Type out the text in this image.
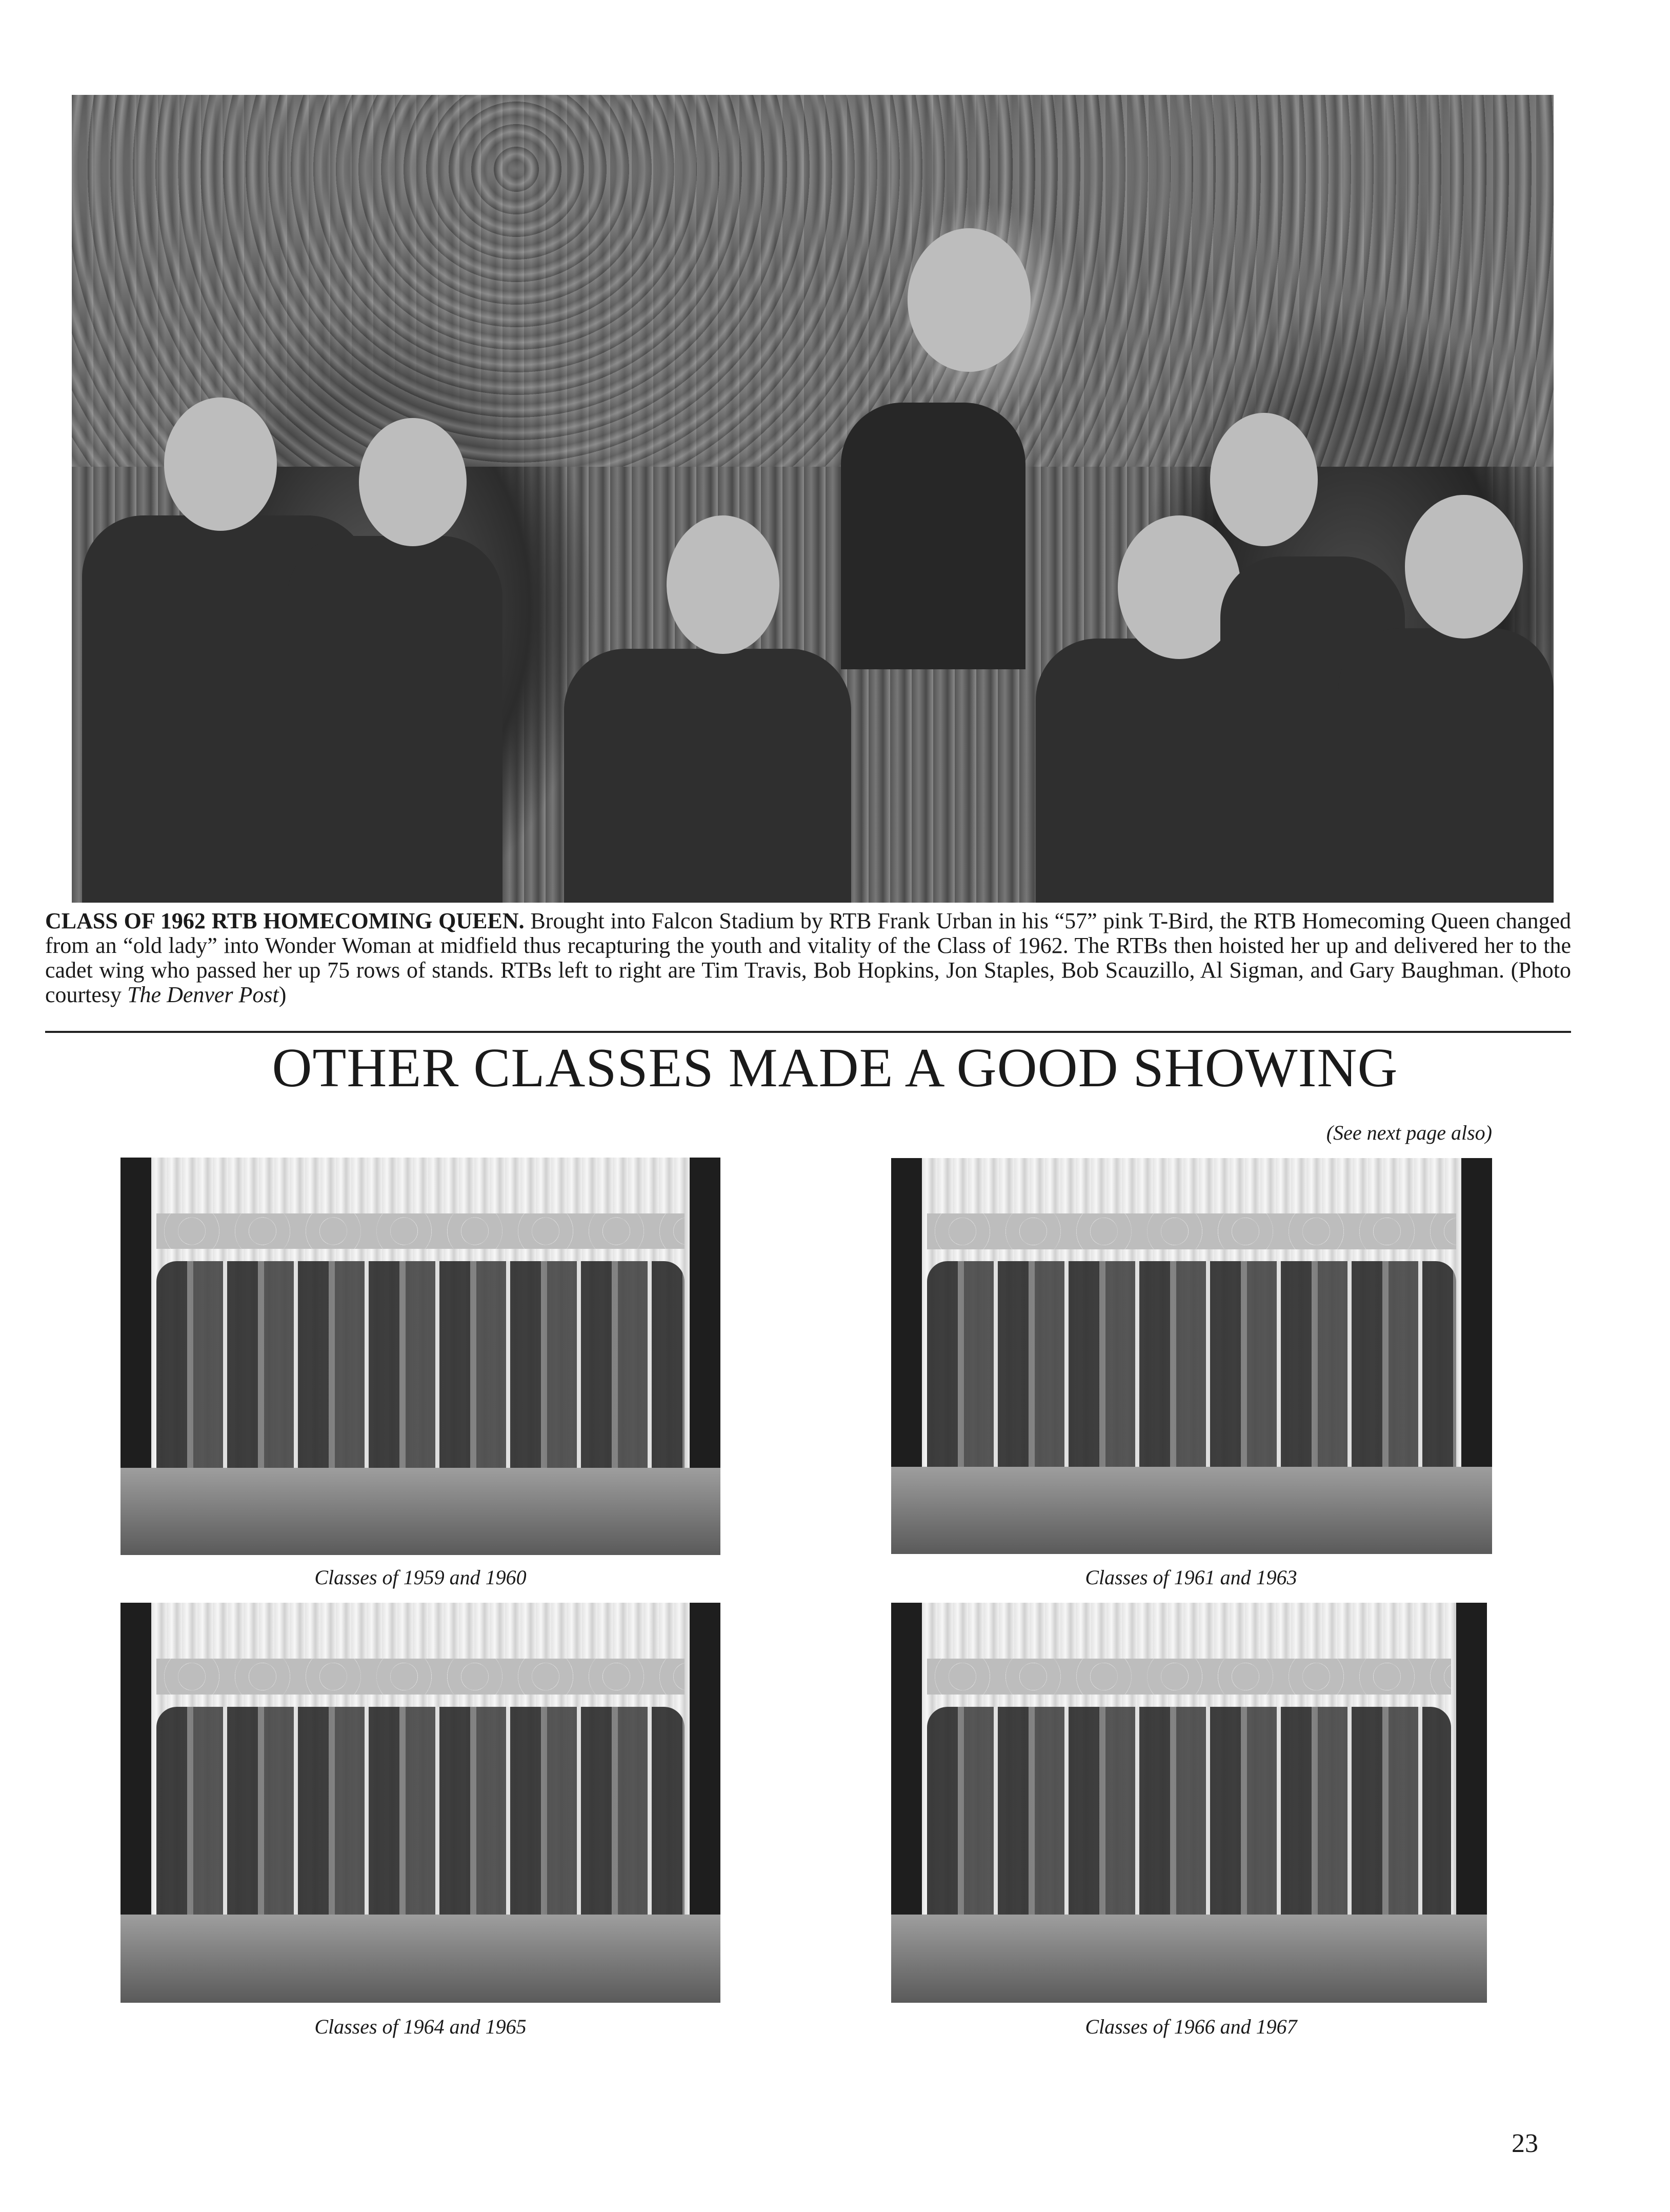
CLASS OF 1962 RTB HOMECOMING QUEEN. Brought into Falcon Stadium by RTB Frank Urban in his “57” pink T-Bird, the RTB Homecoming Queen changed from an “old lady” into Wonder Woman at midfield thus recapturing the youth and vitality of the Class of 1962. The RTBs then hoisted her up and delivered her to the cadet wing who passed her up 75 rows of stands. RTBs left to right are Tim Travis, Bob Hopkins, Jon Staples, Bob Scauzillo, Al Sigman, and Gary Baughman. (Photo courtesy The Denver Post)
OTHER CLASSES MADE A GOOD SHOWING
(See next page also)
Classes of 1959 and 1960	Classes of 1961 and 1963
Classes of 1964 and 1965	Classes of 1966 and 1967
23
